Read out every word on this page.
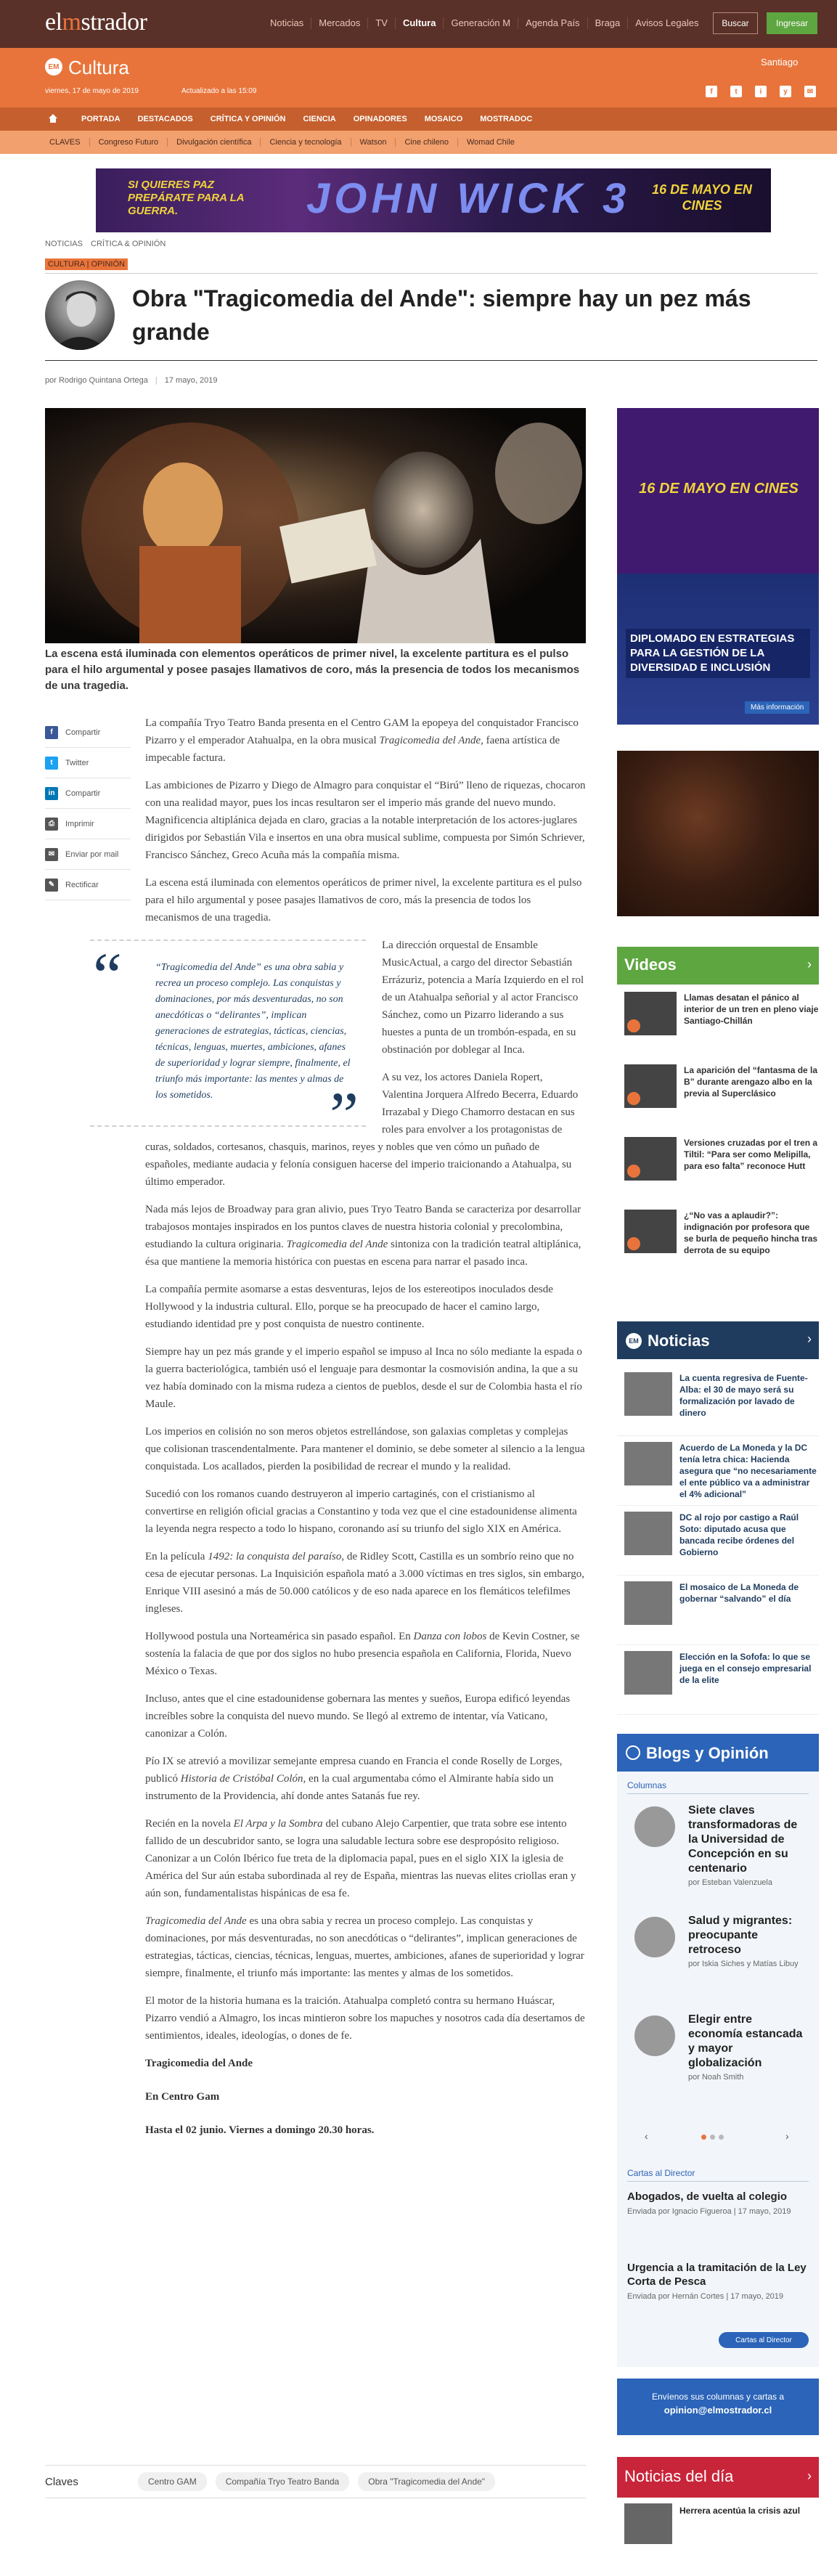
elmstrador	Noticias	Mercados	TV	Cultura	Generación M	Agenda País	Braga	Avisos Legales	Buscar	Ingresar
EM Cultura
viernes, 17 de mayo de 2019	Actualizado a las 15:09
Santiago
f	t	i	y	✉
PORTADA	DESTACADOS	CRÍTICA Y OPINIÓN	CIENCIA	OPINADORES	MOSAICO	MOSTRADOC
CLAVES	Congreso Futuro	Divulgación científica	Ciencia y tecnología	Watson	Cine chileno	Womad Chile
SI QUIERES PAZ PREPÁRATE PARA LA GUERRA.	JOHN WICK 3	16 DE MAYO EN CINES
NOTICIAS CRÍTICA & OPINIÓN
CULTURA | OPINIÓN
Obra "Tragicomedia del Ande": siempre hay un pez más grande
por Rodrigo Quintana Ortega | 17 mayo, 2019
La escena está iluminada con elementos operáticos de primer nivel, la excelente partitura es el pulso para el hilo argumental y posee pasajes llamativos de coro, más la presencia de todos los mecanismos de una tragedia.
f	Compartir
t	Twitter
in	Compartir
⎙	Imprimir
✉	Enviar por mail
✎	Rectificar

La compañía Tryo Teatro Banda presenta en el Centro GAM la epopeya del conquistador Francisco Pizarro y el emperador Atahualpa, en la obra musical Tragicomedia del Ande, faena artística de impecable factura.

Las ambiciones de Pizarro y Diego de Almagro para conquistar el “Birú” lleno de riquezas, chocaron con una realidad mayor, pues los incas resultaron ser el imperio más grande del nuevo mundo. Magnificencia altiplánica dejada en claro, gracias a la notable interpretación de los actores-juglares dirigidos por Sebastián Vila e insertos en una obra musical sublime, compuesta por Simón Schriever, Francisco Sánchez, Greco Acuña más la compañía misma.

La escena está iluminada con elementos operáticos de primer nivel, la excelente partitura es el pulso para el hilo argumental y posee pasajes llamativos de coro, más la presencia de todos los mecanismos de una tragedia.

“	“Tragicomedia del Ande” es una obra sabia y recrea un proceso complejo. Las conquistas y dominaciones, por más desventuradas, no son anecdóticas o “delirantes”, implican generaciones de estrategias, tácticas, ciencias, técnicas, lenguas, muertes, ambiciones, afanes de superioridad y lograr siempre, finalmente, el triunfo más importante: las mentes y almas de los sometidos.	”

La dirección orquestal de Ensamble MusicActual, a cargo del director Sebastián Errázuriz, potencia a María Izquierdo en el rol de un Atahualpa señorial y al actor Francisco Sánchez, como un Pizarro liderando a sus huestes a punta de un trombón-espada, en su obstinación por doblegar al Inca.

A su vez, los actores Daniela Ropert, Valentina Jorquera Alfredo Becerra, Eduardo Irrazabal y Diego Chamorro destacan en sus roles para envolver a los protagonistas de curas, soldados, cortesanos, chasquis, marinos, reyes y nobles que ven cómo un puñado de españoles, mediante audacia y felonía consiguen hacerse del imperio traicionando a Atahualpa, su último emperador.

Nada más lejos de Broadway para gran alivio, pues Tryo Teatro Banda se caracteriza por desarrollar trabajosos montajes inspirados en los puntos claves de nuestra historia colonial y precolombina, estudiando la cultura originaria. Tragicomedia del Ande sintoniza con la tradición teatral altiplánica, ésa que mantiene la memoria histórica con puestas en escena para narrar el pasado inca.

La compañía permite asomarse a estas desventuras, lejos de los estereotipos inoculados desde Hollywood y la industria cultural. Ello, porque se ha preocupado de hacer el camino largo, estudiando identidad pre y post conquista de nuestro continente.

Siempre hay un pez más grande y el imperio español se impuso al Inca no sólo mediante la espada o la guerra bacteriológica, también usó el lenguaje para desmontar la cosmovisión andina, la que a su vez había dominado con la misma rudeza a cientos de pueblos, desde el sur de Colombia hasta el río Maule.

Los imperios en colisión no son meros objetos estrellándose, son galaxias completas y complejas que colisionan trascendentalmente. Para mantener el dominio, se debe someter al silencio a la lengua conquistada. Los acallados, pierden la posibilidad de recrear el mundo y la realidad.

Sucedió con los romanos cuando destruyeron al imperio cartaginés, con el cristianismo al convertirse en religión oficial gracias a Constantino y toda vez que el cine estadounidense alimenta la leyenda negra respecto a todo lo hispano, coronando así su triunfo del siglo XIX en América.

En la película 1492: la conquista del paraíso, de Ridley Scott, Castilla es un sombrío reino que no cesa de ejecutar personas. La Inquisición española mató a 3.000 víctimas en tres siglos, sin embargo, Enrique VIII asesinó a más de 50.000 católicos y de eso nada aparece en los flemáticos telefilmes ingleses.

Hollywood postula una Norteamérica sin pasado español. En Danza con lobos de Kevin Costner, se sostenía la falacia de que por dos siglos no hubo presencia española en California, Florida, Nuevo México o Texas.

Incluso, antes que el cine estadounidense gobernara las mentes y sueños, Europa edificó leyendas increíbles sobre la conquista del nuevo mundo. Se llegó al extremo de intentar, vía Vaticano, canonizar a Colón.

Pío IX se atrevió a movilizar semejante empresa cuando en Francia el conde Roselly de Lorges, publicó Historia de Cristóbal Colón, en la cual argumentaba cómo el Almirante había sido un instrumento de la Providencia, ahí donde antes Satanás fue rey.

Recién en la novela El Arpa y la Sombra del cubano Alejo Carpentier, que trata sobre ese intento fallido de un descubridor santo, se logra una saludable lectura sobre ese despropósito religioso. Canonizar a un Colón Ibérico fue treta de la diplomacia papal, pues en el siglo XIX la iglesia de América del Sur aún estaba subordinada al rey de España, mientras las nuevas elites criollas eran y aún son, fundamentalistas hispánicas de esa fe.

Tragicomedia del Ande es una obra sabia y recrea un proceso complejo. Las conquistas y dominaciones, por más desventuradas, no son anecdóticas o “delirantes”, implican generaciones de estrategias, tácticas, ciencias, técnicas, lenguas, muertes, ambiciones, afanes de superioridad y lograr siempre, finalmente, el triunfo más importante: las mentes y almas de los sometidos.

El motor de la historia humana es la traición. Atahualpa completó contra su hermano Huáscar, Pizarro vendió a Almagro, los incas mintieron sobre los mapuches y nosotros cada día desertamos de sentimientos, ideales, ideologías, o dones de fe.

Tragicomedia del Ande

En Centro Gam

Hasta el 02 junio. Viernes a domingo 20.30 horas.

Claves	Centro GAM	Compañía Tryo Teatro Banda	Obra "Tragicomedia del Ande"
16 DE MAYO EN CINES
DIPLOMADO EN ESTRATEGIAS PARA LA GESTIÓN DE LA DIVERSIDAD E INCLUSIÓN
Más información
Videos	›
Llamas desatan el pánico al interior de un tren en pleno viaje Santiago-Chillán
La aparición del “fantasma de la B” durante arengazo albo en la previa al Superclásico
Versiones cruzadas por el tren a Tiltil: “Para ser como Melipilla, para eso falta” reconoce Hutt
¿“No vas a aplaudir?”: indignación por profesora que se burla de pequeño hincha tras derrota de su equipo
EM Noticias	›
La cuenta regresiva de Fuente-Alba: el 30 de mayo será su formalización por lavado de dinero
Acuerdo de La Moneda y la DC tenía letra chica: Hacienda asegura que “no necesariamente el ente público va a administrar el 4% adicional”
DC al rojo por castigo a Raúl Soto: diputado acusa que bancada recibe órdenes del Gobierno
El mosaico de La Moneda de gobernar “salvando” el día
Elección en la Sofofa: lo que se juega en el consejo empresarial de la elite
Blogs y Opinión
Columnas
Siete claves transformadoras de la Universidad de Concepción en su centenario
por Esteban Valenzuela
Salud y migrantes: preocupante retroceso
por Iskia Siches y Matías Libuy
Elegir entre economía estancada y mayor globalización
por Noah Smith
‹	›
Cartas al Director
Abogados, de vuelta al colegio
Enviada por Ignacio Figueroa | 17 mayo, 2019
Urgencia a la tramitación de la Ley Corta de Pesca
Enviada por Hernán Cortes | 17 mayo, 2019
Cartas al Director
Envíenos sus columnas y cartas a
opinion@elmostrador.cl
Noticias del día	›
Herrera acentúa la crisis azul
